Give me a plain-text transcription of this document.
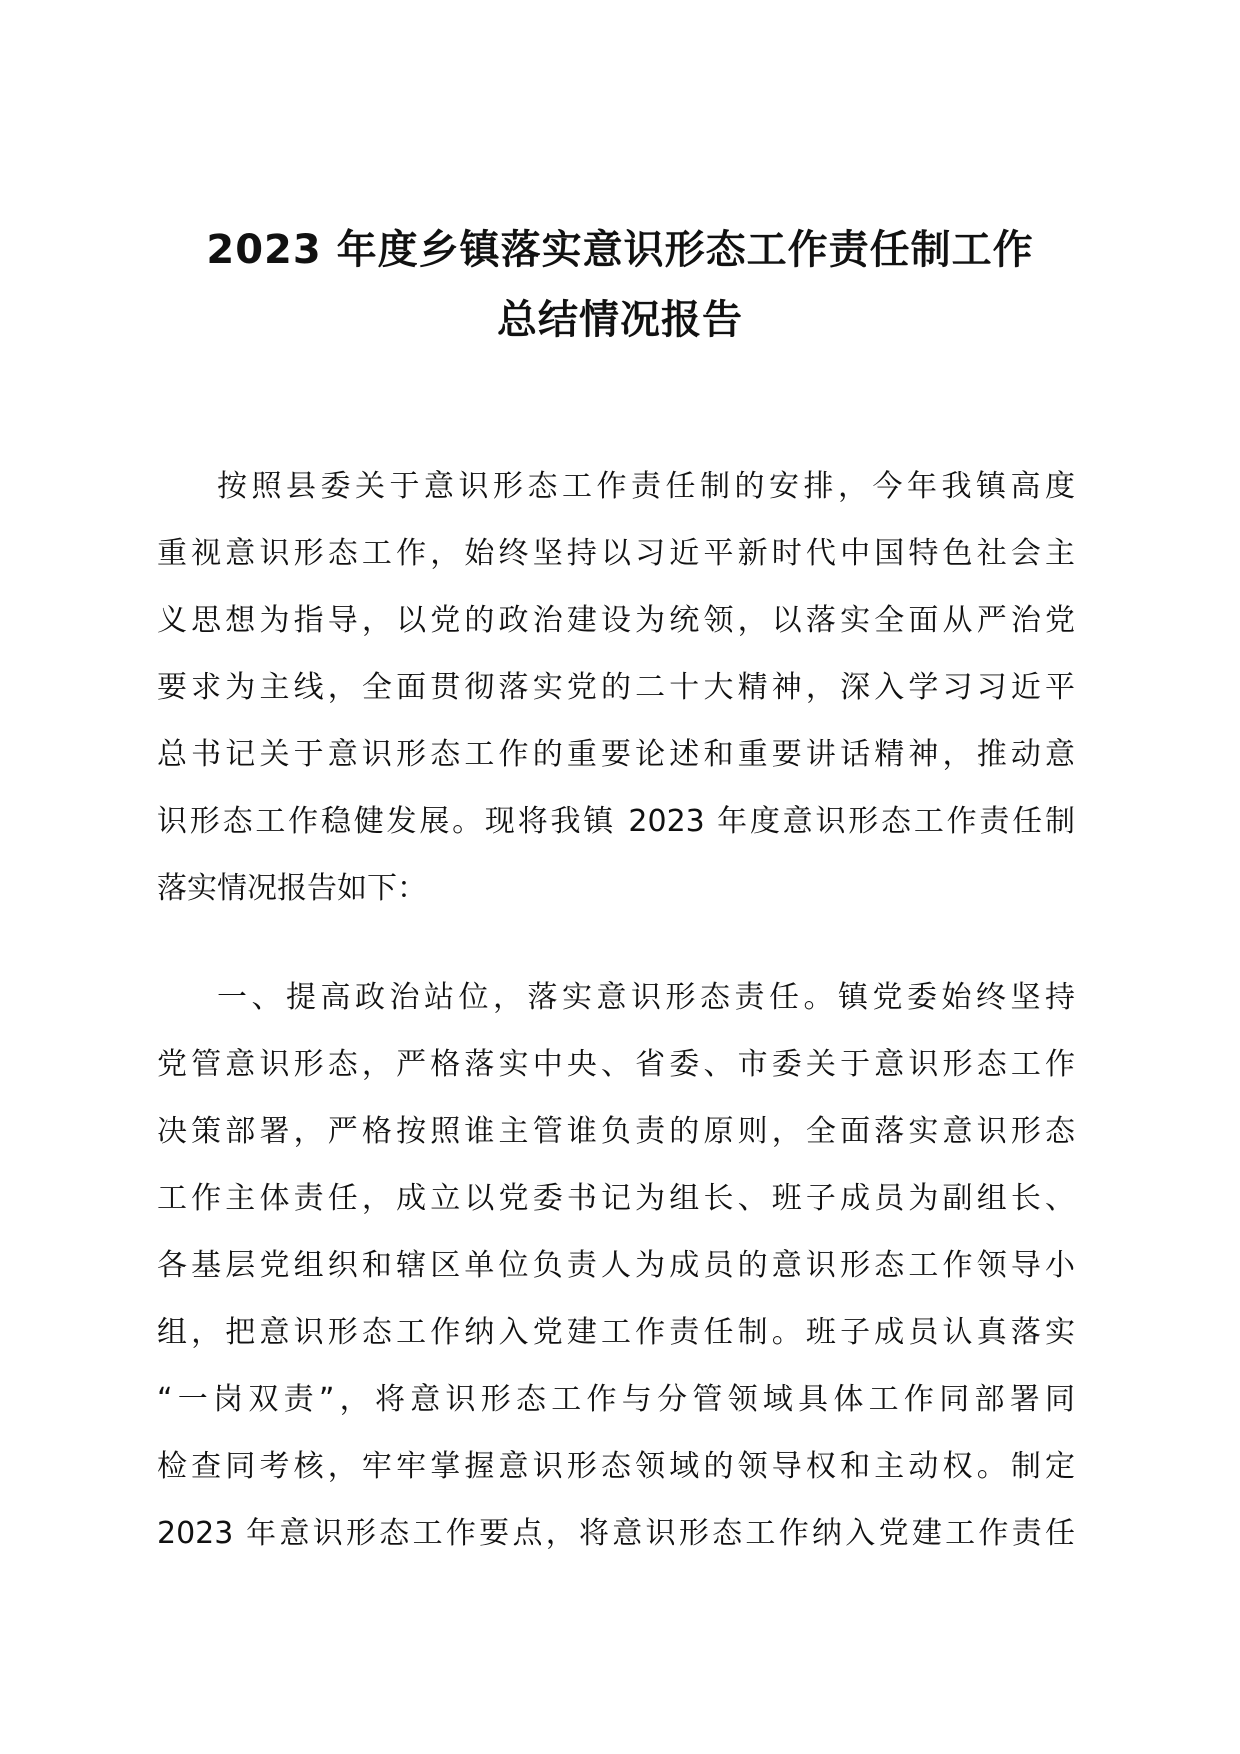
2023 年度乡镇落实意识形态工作责任制工作
总结情况报告
按照县委关于意识形态工作责任制的安排，今年我镇高度
重视意识形态工作，始终坚持以习近平新时代中国特色社会主
义思想为指导，以党的政治建设为统领，以落实全面从严治党
要求为主线，全面贯彻落实党的二十大精神，深入学习习近平
总书记关于意识形态工作的重要论述和重要讲话精神，推动意
识形态工作稳健发展。现将我镇 2023 年度意识形态工作责任制
落实情况报告如下：
一、提高政治站位，落实意识形态责任。镇党委始终坚持
党管意识形态，严格落实中央、省委、市委关于意识形态工作
决策部署，严格按照谁主管谁负责的原则，全面落实意识形态
工作主体责任，成立以党委书记为组长、班子成员为副组长、
各基层党组织和辖区单位负责人为成员的意识形态工作领导小
组，把意识形态工作纳入党建工作责任制。班子成员认真落实
“一岗双责”，将意识形态工作与分管领域具体工作同部署同
检查同考核，牢牢掌握意识形态领域的领导权和主动权。制定
2023 年意识形态工作要点，将意识形态工作纳入党建工作责任
